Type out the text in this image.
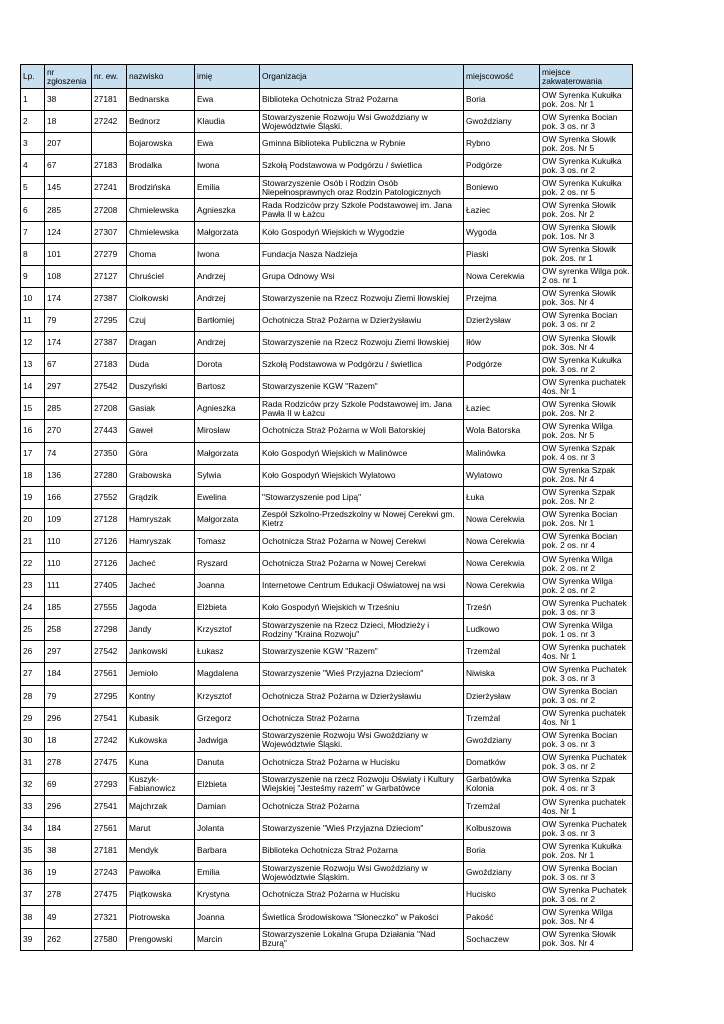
Lp.	nr zgłoszenia	nr. ew.	nazwisko	imię	Organizacja	miejscowość	miejsce zakwaterowania
1	38	27181	Bednarska	Ewa	Biblioteka Ochotnicza Straż Pożarna	Boria	OW Syrenka Kukułka pok. 2os. Nr 1
2	18	27242	Bednorz	Klaudia	Stowarzyszenie Rozwoju Wsi Gwoździany w Województwie Śląski.	Gwoździany	OW Syrenka Bocian pok. 3 os. nr 3
3	207		Bojarowska	Ewa	Gminna Biblioteka Publiczna w Rybnie	Rybno	OW Syrenka Słowik pok. 2os. Nr 5
4	67	27183	Brodalka	Iwona	Szkołą Podstawowa w Podgórzu / świetlica	Podgórze	OW Syrenka Kukułka pok. 3 os. nr 2
5	145	27241	Brodzińska	Emilia	Stowarzyszenie Osób i Rodzin Osób Niepełnosprawnych oraz Rodzin Patologicznych	Boniewo	OW Syrenka Kukułka pok. 2 os. nr 5
6	285	27208	Chmielewska	Agnieszka	Rada Rodziców przy Szkole Podstawowej im. Jana Pawła II w Łażcu	Łaziec	OW Syrenka Słowik pok. 2os. Nr 2
7	124	27307	Chmielewska	Małgorzata	Koło Gospodyń Wiejskich w Wygodzie	Wygoda	OW Syrenka Słowik pok. 1os. Nr 3
8	101	27279	Choma	Iwona	Fundacja Nasza Nadzieja	Piaski	OW Syrenka Słowik pok. 2os. nr 1
9	108	27127	Chruściel	Andrzej	Grupa Odnowy Wsi	Nowa Cerekwia	OW syrenka Wilga pok. 2 os. nr 1
10	174	27387	Ciołkowski	Andrzej	Stowarzyszenie na Rzecz Rozwoju Ziemi Iłowskiej	Przejma	OW Syrenka Słowik pok. 3os. Nr 4
11	79	27295	Czuj	Bartłomiej	Ochotnicza Straż Pożarna w Dzierżysławiu	Dzierżysław	OW Syrenka Bocian pok. 3 os. nr 2
12	174	27387	Dragan	Andrzej	Stowarzyszenie na Rzecz Rozwoju Ziemi Iłowskiej	Iłów	OW Syrenka Słowik pok. 3os. Nr 4
13	67	27183	Duda	Dorota	Szkołą Podstawowa w Podgórzu / świetlica	Podgórze	OW Syrenka Kukułka pok. 3 os. nr 2
14	297	27542	Duszyński	Bartosz	Stowarzyszenie KGW "Razem"		OW Syrenka puchatek 4os. Nr 1
15	285	27208	Gasiak	Agnieszka	Rada Rodziców przy Szkole Podstawowej im. Jana Pawła II w Łażcu	Łaziec	OW Syrenka Słowik pok. 2os. Nr 2
16	270	27443	Gaweł	Mirosław	Ochotnicza Straż Pożarna w Woli Batorskiej	Wola Batorska	OW Syrenka Wilga pok. 2os. Nr 5
17	74	27350	Góra	Małgorzata	Koło Gospodyń Wiejskich w Malinówce	Malinówka	OW Syrenka Szpak pok. 4 os. nr 3
18	136	27280	Grabowska	Sylwia	Koło Gospodyń Wiejskich Wylatowo	Wylatowo	OW Syrenka Szpak pok. 2os. Nr 4
19	166	27552	Grądzik	Ewelina	"Stowarzyszenie pod Lipą"	Łuka	OW Syrenka Szpak pok. 2os. Nr 2
20	109	27128	Hamryszak	Małgorzata	Zespół Szkolno-Przedszkolny w Nowej Cerekwi gm. Kietrz	Nowa Cerekwia	OW Syrenka Bocian pok. 2os. Nr 1
21	110	27126	Hamryszak	Tomasz	Ochotnicza Straż Pożarna w Nowej Cerekwi	Nowa Cerekwia	OW Syrenka Bocian pok. 2 os. nr 4
22	110	27126	Jacheć	Ryszard	Ochotnicza Straż Pożarna w Nowej Cerekwi	Nowa Cerekwia	OW Syrenka Wilga pok. 2 os. nr 2
23	111	27405	Jacheć	Joanna	Internetowe Centrum Edukacji Oświatowej na wsi	Nowa Cerekwia	OW Syrenka Wilga pok. 2 os. nr 2
24	185	27555	Jagoda	Elżbieta	Koło Gospodyń Wiejskich w Trześniu	Trześń	OW Syrenka Puchatek pok. 3 os. nr 3
25	258	27298	Jandy	Krzysztof	Stowarzyszenie na Rzecz Dzieci, Młodzieży i Rodziny "Kraina Rozwoju"	Ludkowo	OW Syrenka Wilga pok. 1 os. nr 3
26	297	27542	Jankowski	Łukasz	Stowarzyszenie KGW "Razem"	Trzemżal	OW Syrenka puchatek 4os. Nr 1
27	184	27561	Jemioło	Magdalena	Stowarzyszenie "Wieś Przyjazna Dzieciom"	Niwiska	OW Syrenka Puchatek pok. 3 os. nr 3
28	79	27295	Kontny	Krzysztof	Ochotnicza Straż Pożarna w Dzierżysławiu	Dzierżysław	OW Syrenka Bocian pok. 3 os. nr 2
29	296	27541	Kubasik	Grzegorz	Ochotnicza Straż Pożarna	Trzemżal	OW Syrenka puchatek 4os. Nr 1
30	18	27242	Kukowska	Jadwiga	Stowarzyszenie Rozwoju Wsi Gwoździany w Województwie Śląski.	Gwoździany	OW Syrenka Bocian pok. 3 os. nr 3
31	278	27475	Kuna	Danuta	Ochotnicza Straż Pożarna w Hucisku	Domatków	OW Syrenka Puchatek pok. 3 os. nr 2
32	69	27293	Kuszyk-Fabianowicz	Elżbieta	Stowarzyszenie na rzecz Rozwoju Oświaty i Kultury Wiejskiej "Jesteśmy razem" w Garbatówce	Garbatówka Kolonia	OW Syrenka Szpak pok. 4 os. nr 3
33	296	27541	Majchrzak	Damian	Ochotnicza Straż Pożarna	Trzemżal	OW Syrenka puchatek 4os. Nr 1
34	184	27561	Marut	Jolanta	Stowarzyszenie "Wieś Przyjazna Dzieciom"	Kolbuszowa	OW Syrenka Puchatek pok. 3 os. nr 3
35	38	27181	Mendyk	Barbara	Biblioteka Ochotnicza Straż Pożarna	Boria	OW Syrenka Kukułka pok. 2os. Nr 1
36	19	27243	Pawołka	Emilia	Stowarzyszenie Rozwoju Wsi Gwoździany w Województwie Śląskim.	Gwoździany	OW Syrenka Bocian pok. 3 os. nr 3
37	278	27475	Piątkowska	Krystyna	Ochotnicza Straż Pożarna w Hucisku	Hucisko	OW Syrenka Puchatek pok. 3 os. nr 2
38	49	27321	Piotrowska	Joanna	Świetlica Środowiskowa "Słoneczko" w Pakości	Pakość	OW Syrenka Wilga pok. 3os. Nr 4
39	262	27580	Prengowski	Marcin	Stowarzyszenie Lokalna Grupa Działania "Nad Bzurą"	Sochaczew	OW Syrenka Słowik pok. 3os. Nr 4
